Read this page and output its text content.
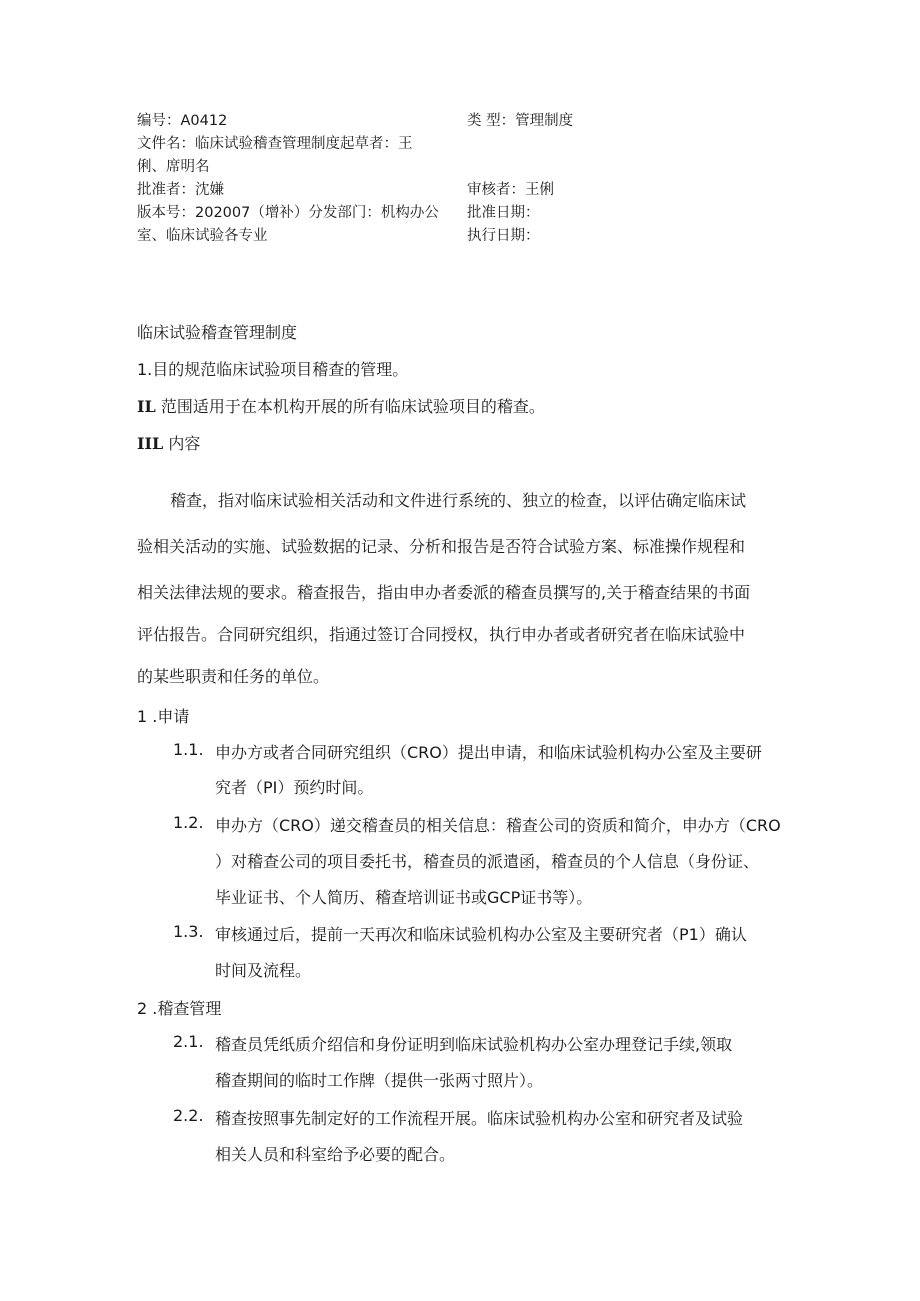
编号：A0412
文件名：临床试验稽查管理制度起草者：王
俐、席明名
批准者：沈嫌
版本号：202007（增补）分发部门：机构办公
室、临床试验各专业
类 型：管理制度
审核者：王俐
批准日期：
执行日期：
临床试验稽查管理制度
1.目的规范临床试验项目稽查的管理。
IL 范围适用于在本机构开展的所有临床试验项目的稽查。
IIL 内容
稽查，指对临床试验相关活动和文件进行系统的、独立的检查，以评估确定临床试
验相关活动的实施、试验数据的记录、分析和报告是否符合试验方案、标准操作规程和
相关法律法规的要求。稽查报告，指由申办者委派的稽查员撰写的,关于稽查结果的书面
评估报告。合同研究组织，指通过签订合同授权，执行申办者或者研究者在临床试验中
的某些职责和任务的单位。
1 .申请
1.1. 申办方或者合同研究组织（CRO）提出申请，和临床试验机构办公室及主要研
究者（PI）预约时间。
1.2. 申办方（CRO）递交稽查员的相关信息：稽查公司的资质和简介，申办方（CRO
）对稽查公司的项目委托书，稽查员的派遣函，稽查员的个人信息（身份证、
毕业证书、个人简历、稽查培训证书或GCP证书等）。
1.3. 审核通过后，提前一天再次和临床试验机构办公室及主要研究者（P1）确认
时间及流程。
2 .稽查管理
2.1. 稽查员凭纸质介绍信和身份证明到临床试验机构办公室办理登记手续,领取
稽查期间的临时工作牌（提供一张两寸照片）。
2.2. 稽查按照事先制定好的工作流程开展。临床试验机构办公室和研究者及试验
相关人员和科室给予必要的配合。
